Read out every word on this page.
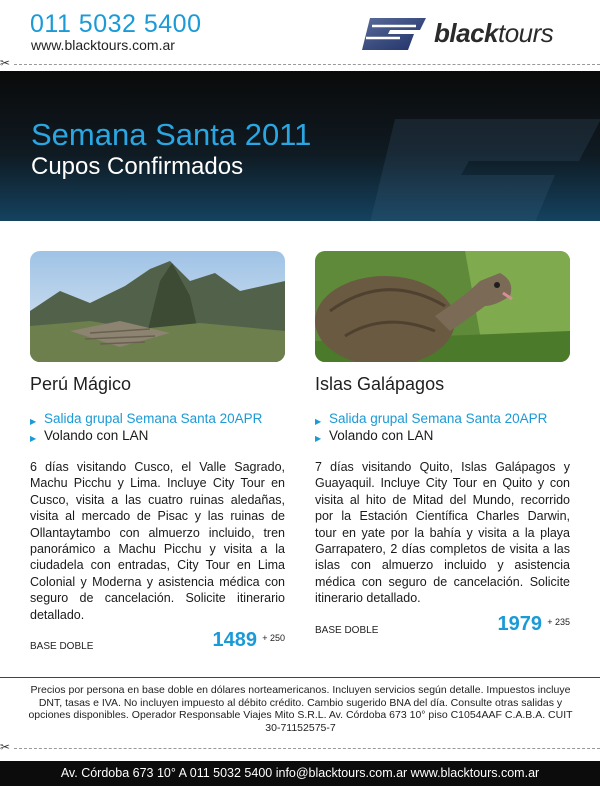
011 5032 5400
www.blacktours.com.ar	blacktours
✂
Semana Santa 2011
Cupos Confirmados
Perú Mágico
▶ Salida grupal Semana Santa 20APR
▶ Volando con LAN

6 días visitando Cusco, el Valle Sagrado, Machu Picchu y Lima. Incluye City Tour en Cusco, visita a las cuatro ruinas aledañas, visita al mercado de Pisac y las ruinas de Ollantaytambo con almuerzo incluido, tren panorámico a Machu Picchu y visita a la ciudadela con entradas, City Tour en Lima Colonial y Moderna y asistencia médica con seguro de cancelación. Solicite itinerario detallado.

BASE DOBLE	1489 + 250
Islas Galápagos
▶ Salida grupal Semana Santa 20APR
▶ Volando con LAN

7 días visitando Quito, Islas Galápagos y Guayaquil. Incluye City Tour en Quito y con visita al hito de Mitad del Mundo, recorrido por la Estación Científica Charles Darwin, tour en yate por la bahía y visita a la playa Garrapatero, 2 días completos de visita a las islas con almuerzo incluido y asistencia médica con seguro de cancelación. Solicite itinerario detallado.

BASE DOBLE	1979 + 235

Precios por persona en base doble en dólares norteamericanos. Incluyen servicios según detalle. Impuestos incluye DNT, tasas e IVA. No incluyen impuesto al débito crédito. Cambio sugerido BNA del día. Consulte otras salidas y opciones disponibles. Operador Responsable Viajes Mito S.R.L. Av. Córdoba 673 10° piso C1054AAF C.A.B.A. CUIT 30-71152575-7

✂
Av. Córdoba 673 10° A 011 5032 5400 info@blacktours.com.ar www.blacktours.com.ar
